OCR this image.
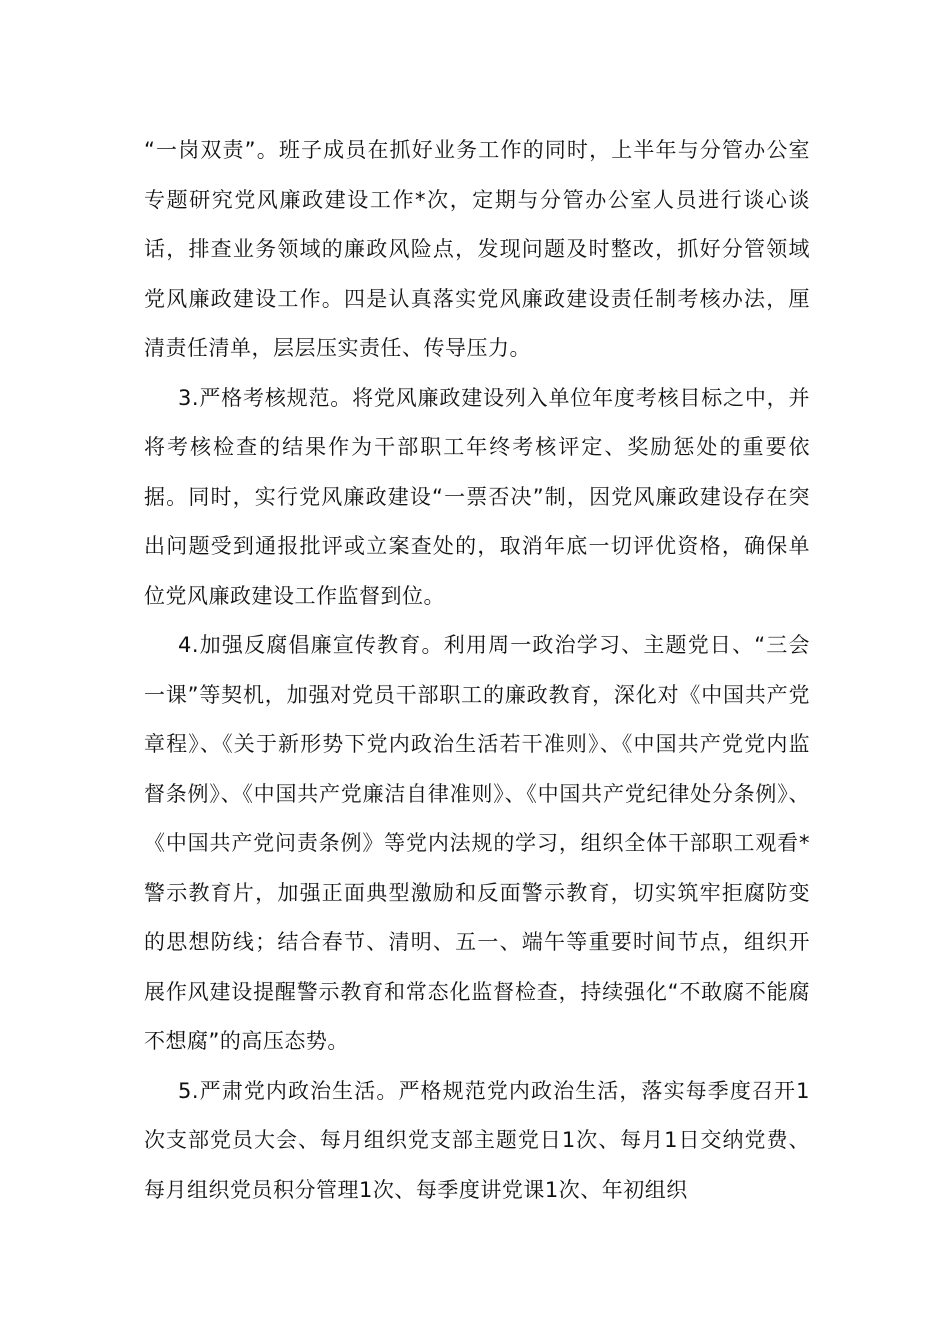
“一岗双责”。班子成员在抓好业务工作的同时，上半年与分管办公室专题研究党风廉政建设工作*次，定期与分管办公室人员进行谈心谈话，排查业务领域的廉政风险点，发现问题及时整改，抓好分管领域党风廉政建设工作。四是认真落实党风廉政建设责任制考核办法，厘清责任清单，层层压实责任、传导压力。

3.严格考核规范。将党风廉政建设列入单位年度考核目标之中，并将考核检查的结果作为干部职工年终考核评定、奖励惩处的重要依据。同时，实行党风廉政建设“一票否决”制，因党风廉政建设存在突出问题受到通报批评或立案查处的，取消年底一切评优资格，确保单位党风廉政建设工作监督到位。

4.加强反腐倡廉宣传教育。利用周一政治学习、主题党日、“三会一课”等契机，加强对党员干部职工的廉政教育，深化对《中国共产党章程》、《关于新形势下党内政治生活若干准则》、《中国共产党党内监督条例》、《中国共产党廉洁自律准则》、《中国共产党纪律处分条例》、《中国共产党问责条例》等党内法规的学习，组织全体干部职工观看*警示教育片，加强正面典型激励和反面警示教育，切实筑牢拒腐防变的思想防线；结合春节、清明、五一、端午等重要时间节点，组织开展作风建设提醒警示教育和常态化监督检查，持续强化“不敢腐不能腐不想腐”的高压态势。

5.严肃党内政治生活。严格规范党内政治生活，落实每季度召开1次支部党员大会、每月组织党支部主题党日1次、每月1日交纳党费、每月组织党员积分管理1次、每季度讲党课1次、年初组织
